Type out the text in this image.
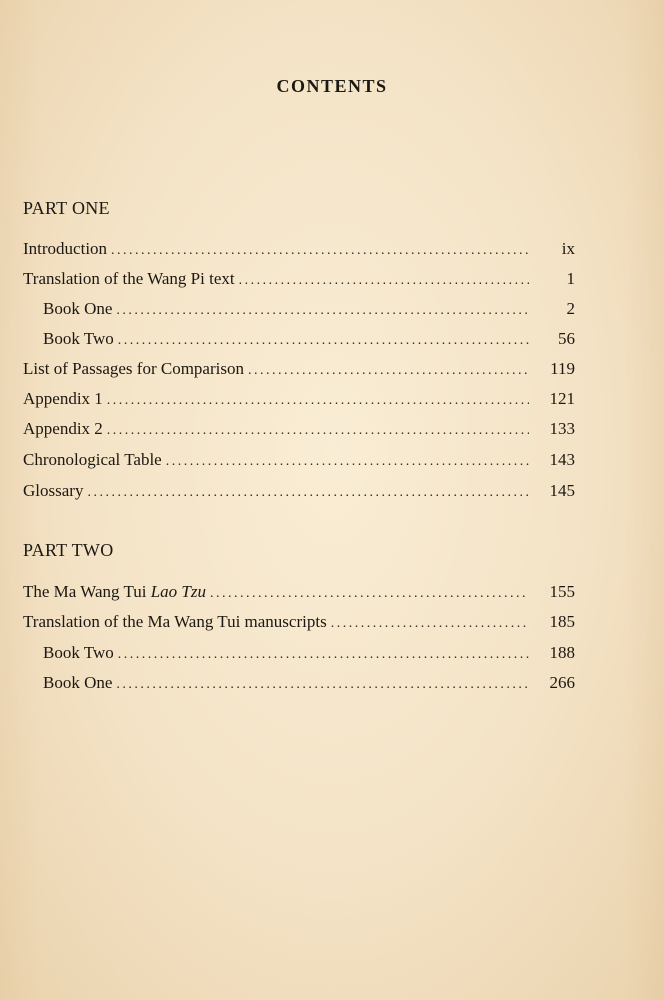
CONTENTS
PART ONE
Introduction . . .	ix
Translation of the Wang Pi text . . .	1
Book One . . .	2
Book Two . . .	56
List of Passages for Comparison . . .	119
Appendix 1 . . .	121
Appendix 2 . . .	133
Chronological Table . . .	143
Glossary . . .	145
PART TWO
The Ma Wang Tui Lao Tzu . . .	155
Translation of the Ma Wang Tui manuscripts . . .	185
Book Two . . .	188
Book One . . .	266
